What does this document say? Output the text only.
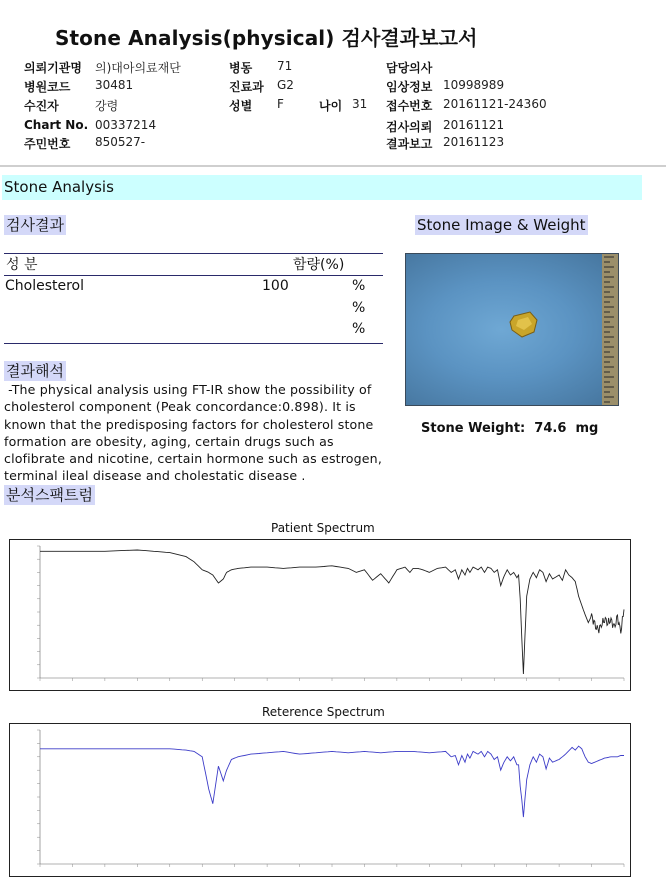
Stone Analysis(physical) 검사결과보고서
의뢰기관명 의)대아의료재단
병원코드 30481
수진자	강령
Chart No. 00337214
주민번호 850527-
병동 71
진료과 G2
성별 F	나이 31
담당의사
임상정보 10998989
접수번호 20161121-24360
검사의뢰 20161121
결과보고 20161123
Stone Analysis
검사결과	Stone Image & Weight
성 분	함량(%)
Cholesterol	100	%
%
%
결과해석
-The physical analysis using FT-IR show the possibility of
cholesterol component (Peak concordance:0.898). It is
known that the predisposing factors for cholesterol stone
formation are obesity, aging, certain drugs such as
clofibrate and nicotine, certain hormone such as estrogen,
terminal ileal disease and cholestatic disease .
분석스팩트럼
Stone Weight: 74.6 mg
Patient Spectrum
Reterence Spectrum
